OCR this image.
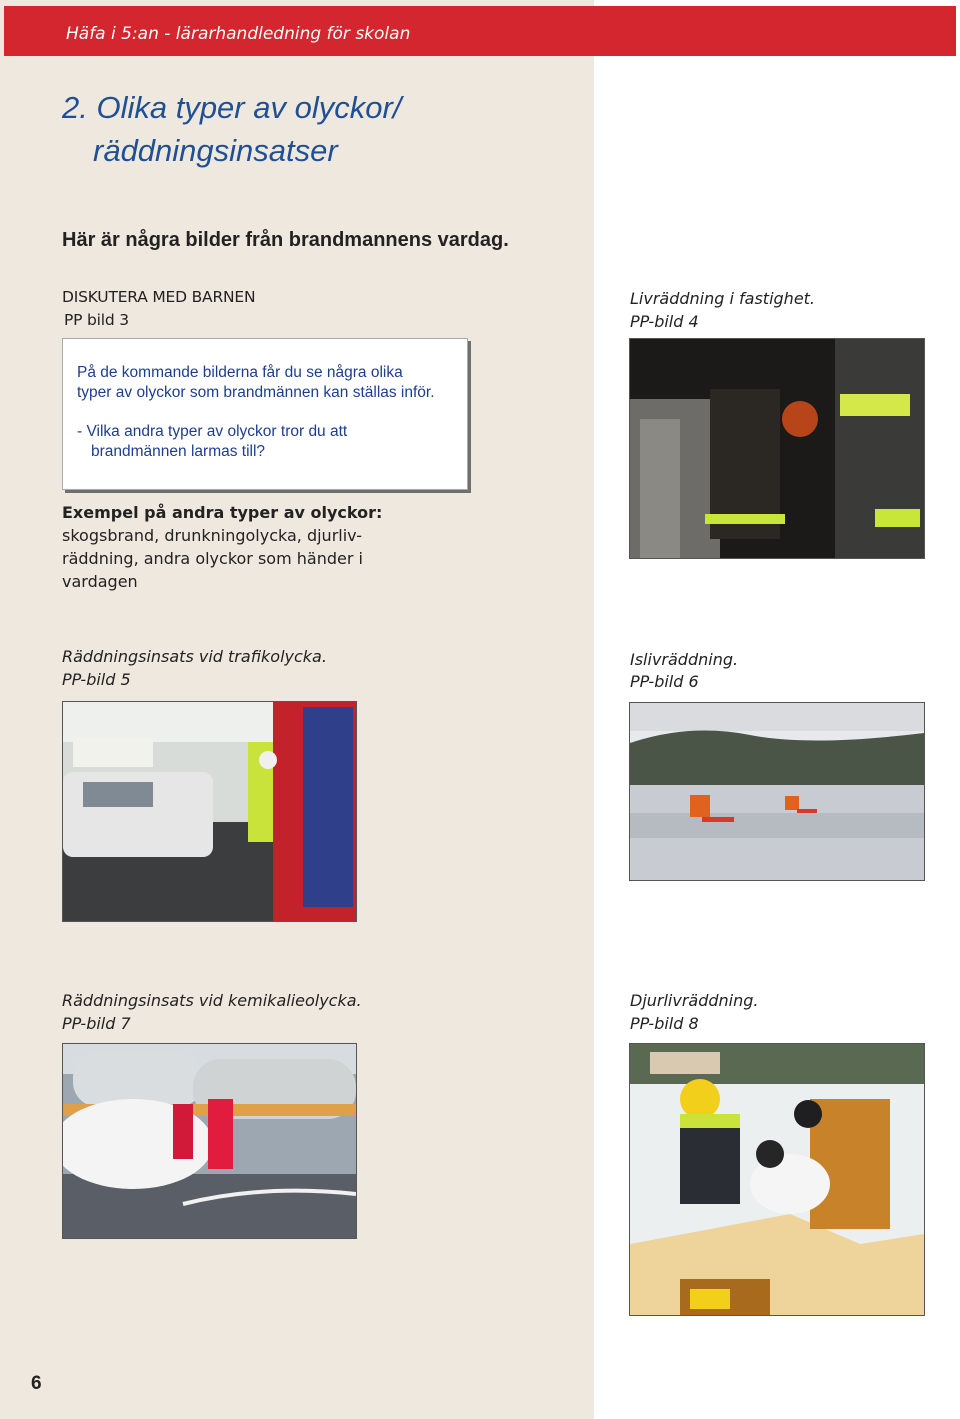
Häfa i 5:an - lärarhandledning för skolan
2. Olika typer av olyckor/
räddningsinsatser
Här är några bilder från brandmannens vardag.
DISKUTERA MED BARNEN
PP bild 3

På de kommande bilderna får du se några olika

typer av olyckor som brandmännen kan ställas inför.

- Vilka andra typer av olyckor tror du att

brandmännen larmas till?

Exempel på andra typer av olyckor:
skogsbrand, drunkningolycka, djurliv-
räddning, andra olyckor som händer i
vardagen
Livräddning i fastighet.
PP-bild 4
Räddningsinsats vid trafikolycka.
PP-bild 5
Islivräddning.
PP-bild 6
Räddningsinsats vid kemikalieolycka.
PP-bild 7
Djurlivräddning.
PP-bild 8
6
